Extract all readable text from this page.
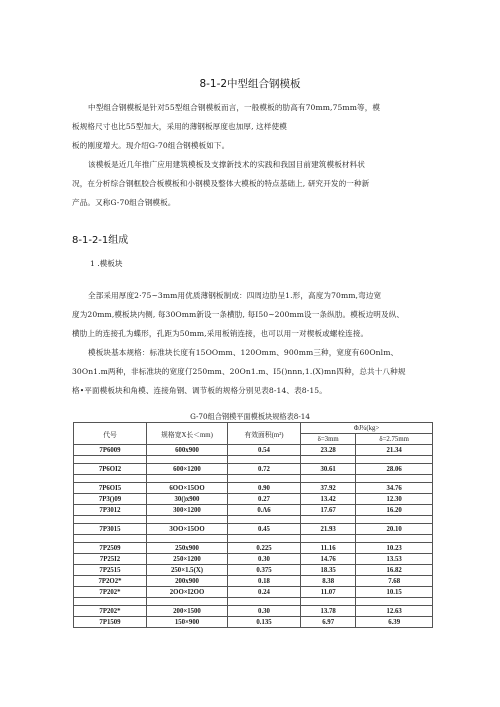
8-1-2中型组合钢模板
中型组合钢模板是针对55型组合钢模板而言，一般模板的肋高有70mm,75mm等，模
板规格尺寸也比55型加大，采用的薄钢板厚度也加厚, 这样使模
板的刚度增大。现介绍G-70组合钢模板如下。
该模板是近几年推广应用建筑模板及支撑新技术的实践和我国目前建筑模板材料状
况，在分析综合钢框胶合板模板和小钢模及整体大模板的特点基础上, 研究开发的一种新
产品。又称G-70组合钢模板。
8-1-2-1组成
1 .模板块
全部采用厚度2·75~3mm用优质薄钢板制成：四周边肋呈1.形，高度为70mm,弯边宽
度为20mm,模板块内侧, 每30Omm新设一条横肋, 每I50~200mm设一条纵肋。模板边明及纵、
横肋上的连接孔为蝶形，孔距为50mm,采用板销连接，也可以用一对楔板或螺栓连接。
模板块基本规格：标准块长度有15OOmm、120Omm、900mm三种，宽度有60Onlm、
30On1.m两种，非标准块的宽度仃250mm、20On1.m、I5()nnn,1.(X)mn四种，总共十八种规
格•平面模板块和角模、连接角钢、调节板的规格分别见表8-14、表8-15。
G-70组合钢模平面模板块规格表8-14
代号	规格宽X长＜mm)	有效面积(m²)	ΦJ¾(kg>	
			δ=3mm	δ=2.75mm
7P6009	600x900	0.54	23.28	21.34

7P6OI2	600×1200	0.72	30.61	28.06

7P6OI5	6OO×15OO	0.90	37.92	34.76
7P3()09	30()x900	0.27	13.42	12.30
7P3012	300×1200	0.Λ6	17.67	16.20

7P3015	3OO×15OO	0.45	21.93	20.10

7P2509	250x900	0.225	11.16	10.23
7P25I2	250×1200	0.30	14.76	13.53
7P2515	250×1.5(X)	0.375	18.35	16.82
7P2O2*	200x900	0.18	8.38	7.68
7P202*	2OO×I2OO	0.24	11.07	10.15

7P202*	200×1500	0.30	13.78	12.63
7P1509	150×900	0.135	6.97	6.39
